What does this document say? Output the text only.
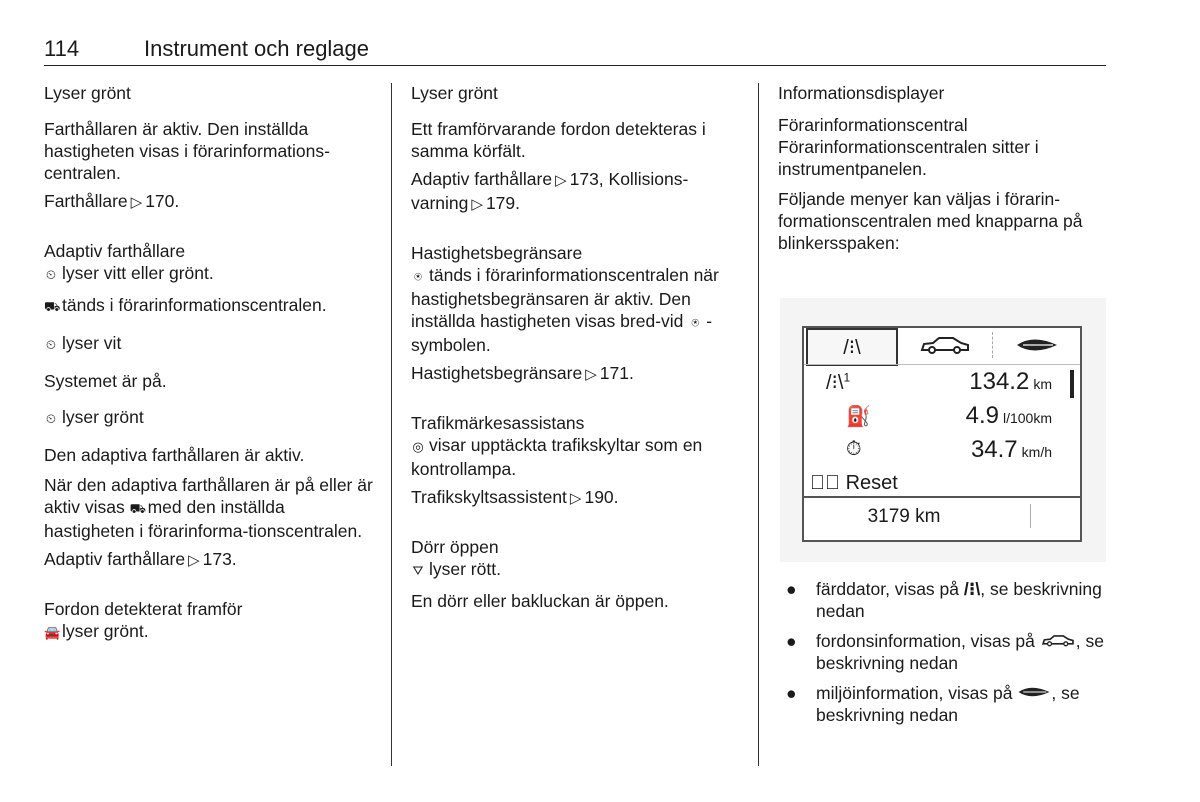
114	Instrument och reglage

Lyser grönt

Farthållaren är aktiv. Den inställda hastigheten visas i förarinformations-centralen.

Farthållare ▷ 170.

Adaptiv farthållare

⏲ lyser vitt eller grönt.

⛟tänds i förarinformationscentralen.

⏲ lyser vit

Systemet är på.

⏲ lyser grönt

Den adaptiva farthållaren är aktiv.

När den adaptiva farthållaren är på eller är aktiv visas ⛟med den inställda hastigheten i förarinforma-tionscentralen.

Adaptiv farthållare ▷ 173.

Fordon detekterat framför

🚘 lyser grönt.

Lyser grönt

Ett framförvarande fordon detekteras i samma körfält.

Adaptiv farthållare ▷ 173, Kollisions- varning ▷ 179.

Hastighetsbegränsare

⍟ tänds i förarinformationscentralen när hastighetsbegränsaren är aktiv. Den inställda hastigheten visas bred-vid ⍟ -symbolen.

Hastighetsbegränsare ▷ 171.

Trafikmärkesassistans

◎ visar upptäckta trafikskyltar som en kontrollampa.

Trafikskyltsassistent ▷ 190.

Dörr öppen

⛛ lyser rött.

En dörr eller bakluckan är öppen.

Informationsdisplayer

Förarinformationscentral

Förarinformationscentralen sitter i instrumentpanelen.

Följande menyer kan väljas i förarin-formationscentralen med knapparna på blinkersspaken:

/⁝\
/⁝\$^1$	134.2 km
⛽	4.9 l/100km
⏱	34.7 km/h
✓⃝ Reset
3179 km
● färddator, visas på /⁝\, se beskrivning nedan
● fordonsinformation, visas på , se beskrivning nedan
● miljöinformation, visas på , se beskrivning nedan
